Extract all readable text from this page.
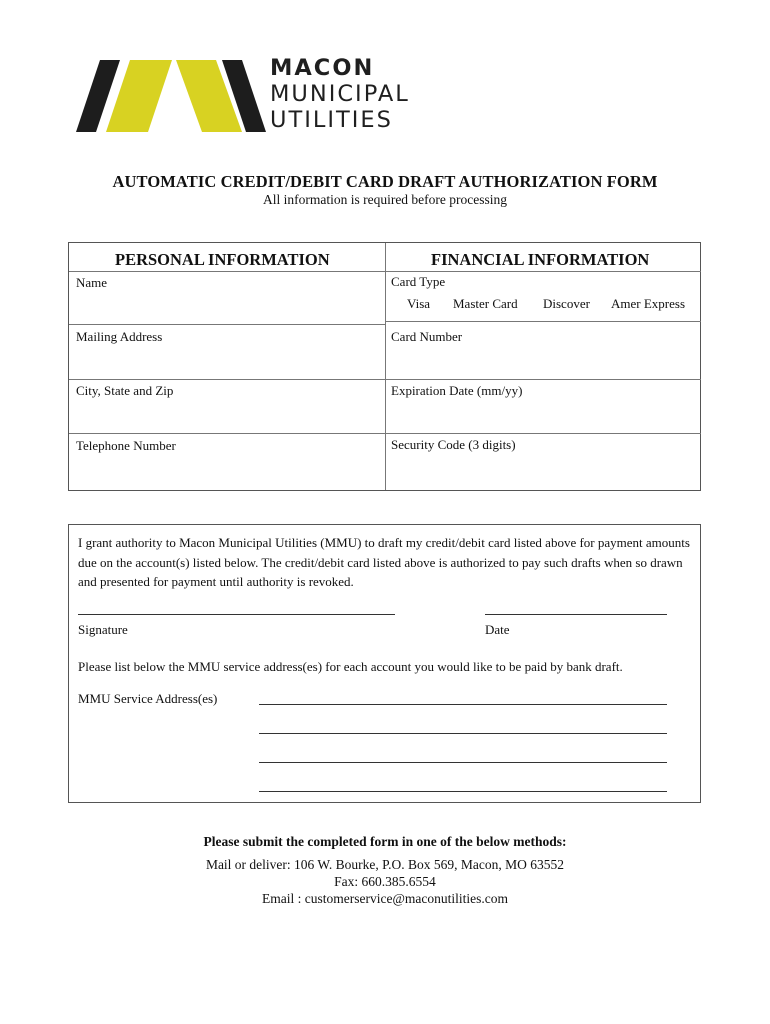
MACON
MUNICIPAL
UTILITIES
AUTOMATIC CREDIT/DEBIT CARD DRAFT AUTHORIZATION FORM
All information is required before processing
PERSONAL INFORMATION	FINANCIAL INFORMATION
Name
Mailing Address
City, State and Zip
Telephone Number
Card Type
Visa Master Card Discover Amer Express
Card Number
Expiration Date (mm/yy)
Security Code (3 digits)
I grant authority to Macon Municipal Utilities (MMU) to draft my credit/debit card listed above for payment amounts due on the account(s) listed below. The credit/debit card listed above is authorized to pay such drafts when so drawn and presented for payment until authority is revoked.
Signature	Date
Please list below the MMU service address(es) for each account you would like to be paid by bank draft.
MMU Service Address(es)
Please submit the completed form in one of the below methods:
Mail or deliver: 106 W. Bourke, P.O. Box 569, Macon, MO 63552
Fax: 660.385.6554
Email : customerservice@maconutilities.com
